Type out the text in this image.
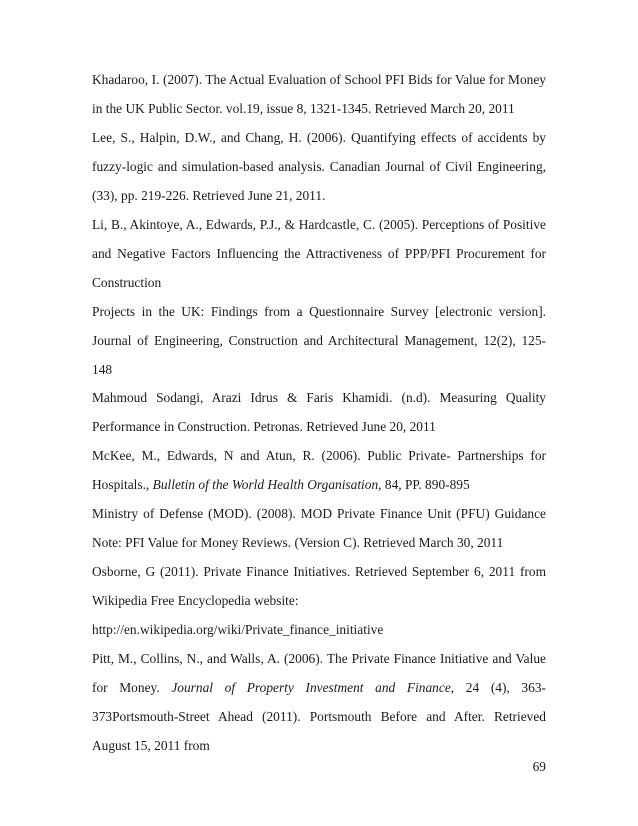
Khadaroo, I. (2007). The Actual Evaluation of School PFI Bids for Value for Money in the UK Public Sector. vol.19, issue 8, 1321-1345. Retrieved March 20, 2011
Lee, S., Halpin, D.W., and Chang, H. (2006). Quantifying effects of accidents by fuzzy-logic and simulation-based analysis. Canadian Journal of Civil Engineering,(33), pp. 219-226. Retrieved June 21, 2011.
Li, B., Akintoye, A., Edwards, P.J., & Hardcastle, C. (2005). Perceptions of Positive and Negative Factors Influencing the Attractiveness of PPP/PFI Procurement for Construction
Projects in the UK: Findings from a Questionnaire Survey [electronic version]. Journal of Engineering, Construction and Architectural Management, 12(2), 125- 148
Mahmoud Sodangi, Arazi Idrus & Faris Khamidi. (n.d). Measuring Quality Performance in Construction. Petronas. Retrieved June 20, 2011
McKee, M., Edwards, N and Atun, R. (2006). Public Private- Partnerships for Hospitals., Bulletin of the World Health Organisation, 84, PP. 890-895
Ministry of Defense (MOD). (2008). MOD Private Finance Unit (PFU) Guidance Note: PFI Value for Money Reviews. (Version C). Retrieved March 30, 2011
Osborne, G (2011). Private Finance Initiatives. Retrieved September 6, 2011 from Wikipedia Free Encyclopedia website:
http://en.wikipedia.org/wiki/Private_finance_initiative
Pitt, M., Collins, N., and Walls, A. (2006). The Private Finance Initiative and Value for Money. Journal of Property Investment and Finance, 24 (4), 363-373Portsmouth-Street Ahead (2011). Portsmouth Before and After. Retrieved August 15, 2011 from
69
